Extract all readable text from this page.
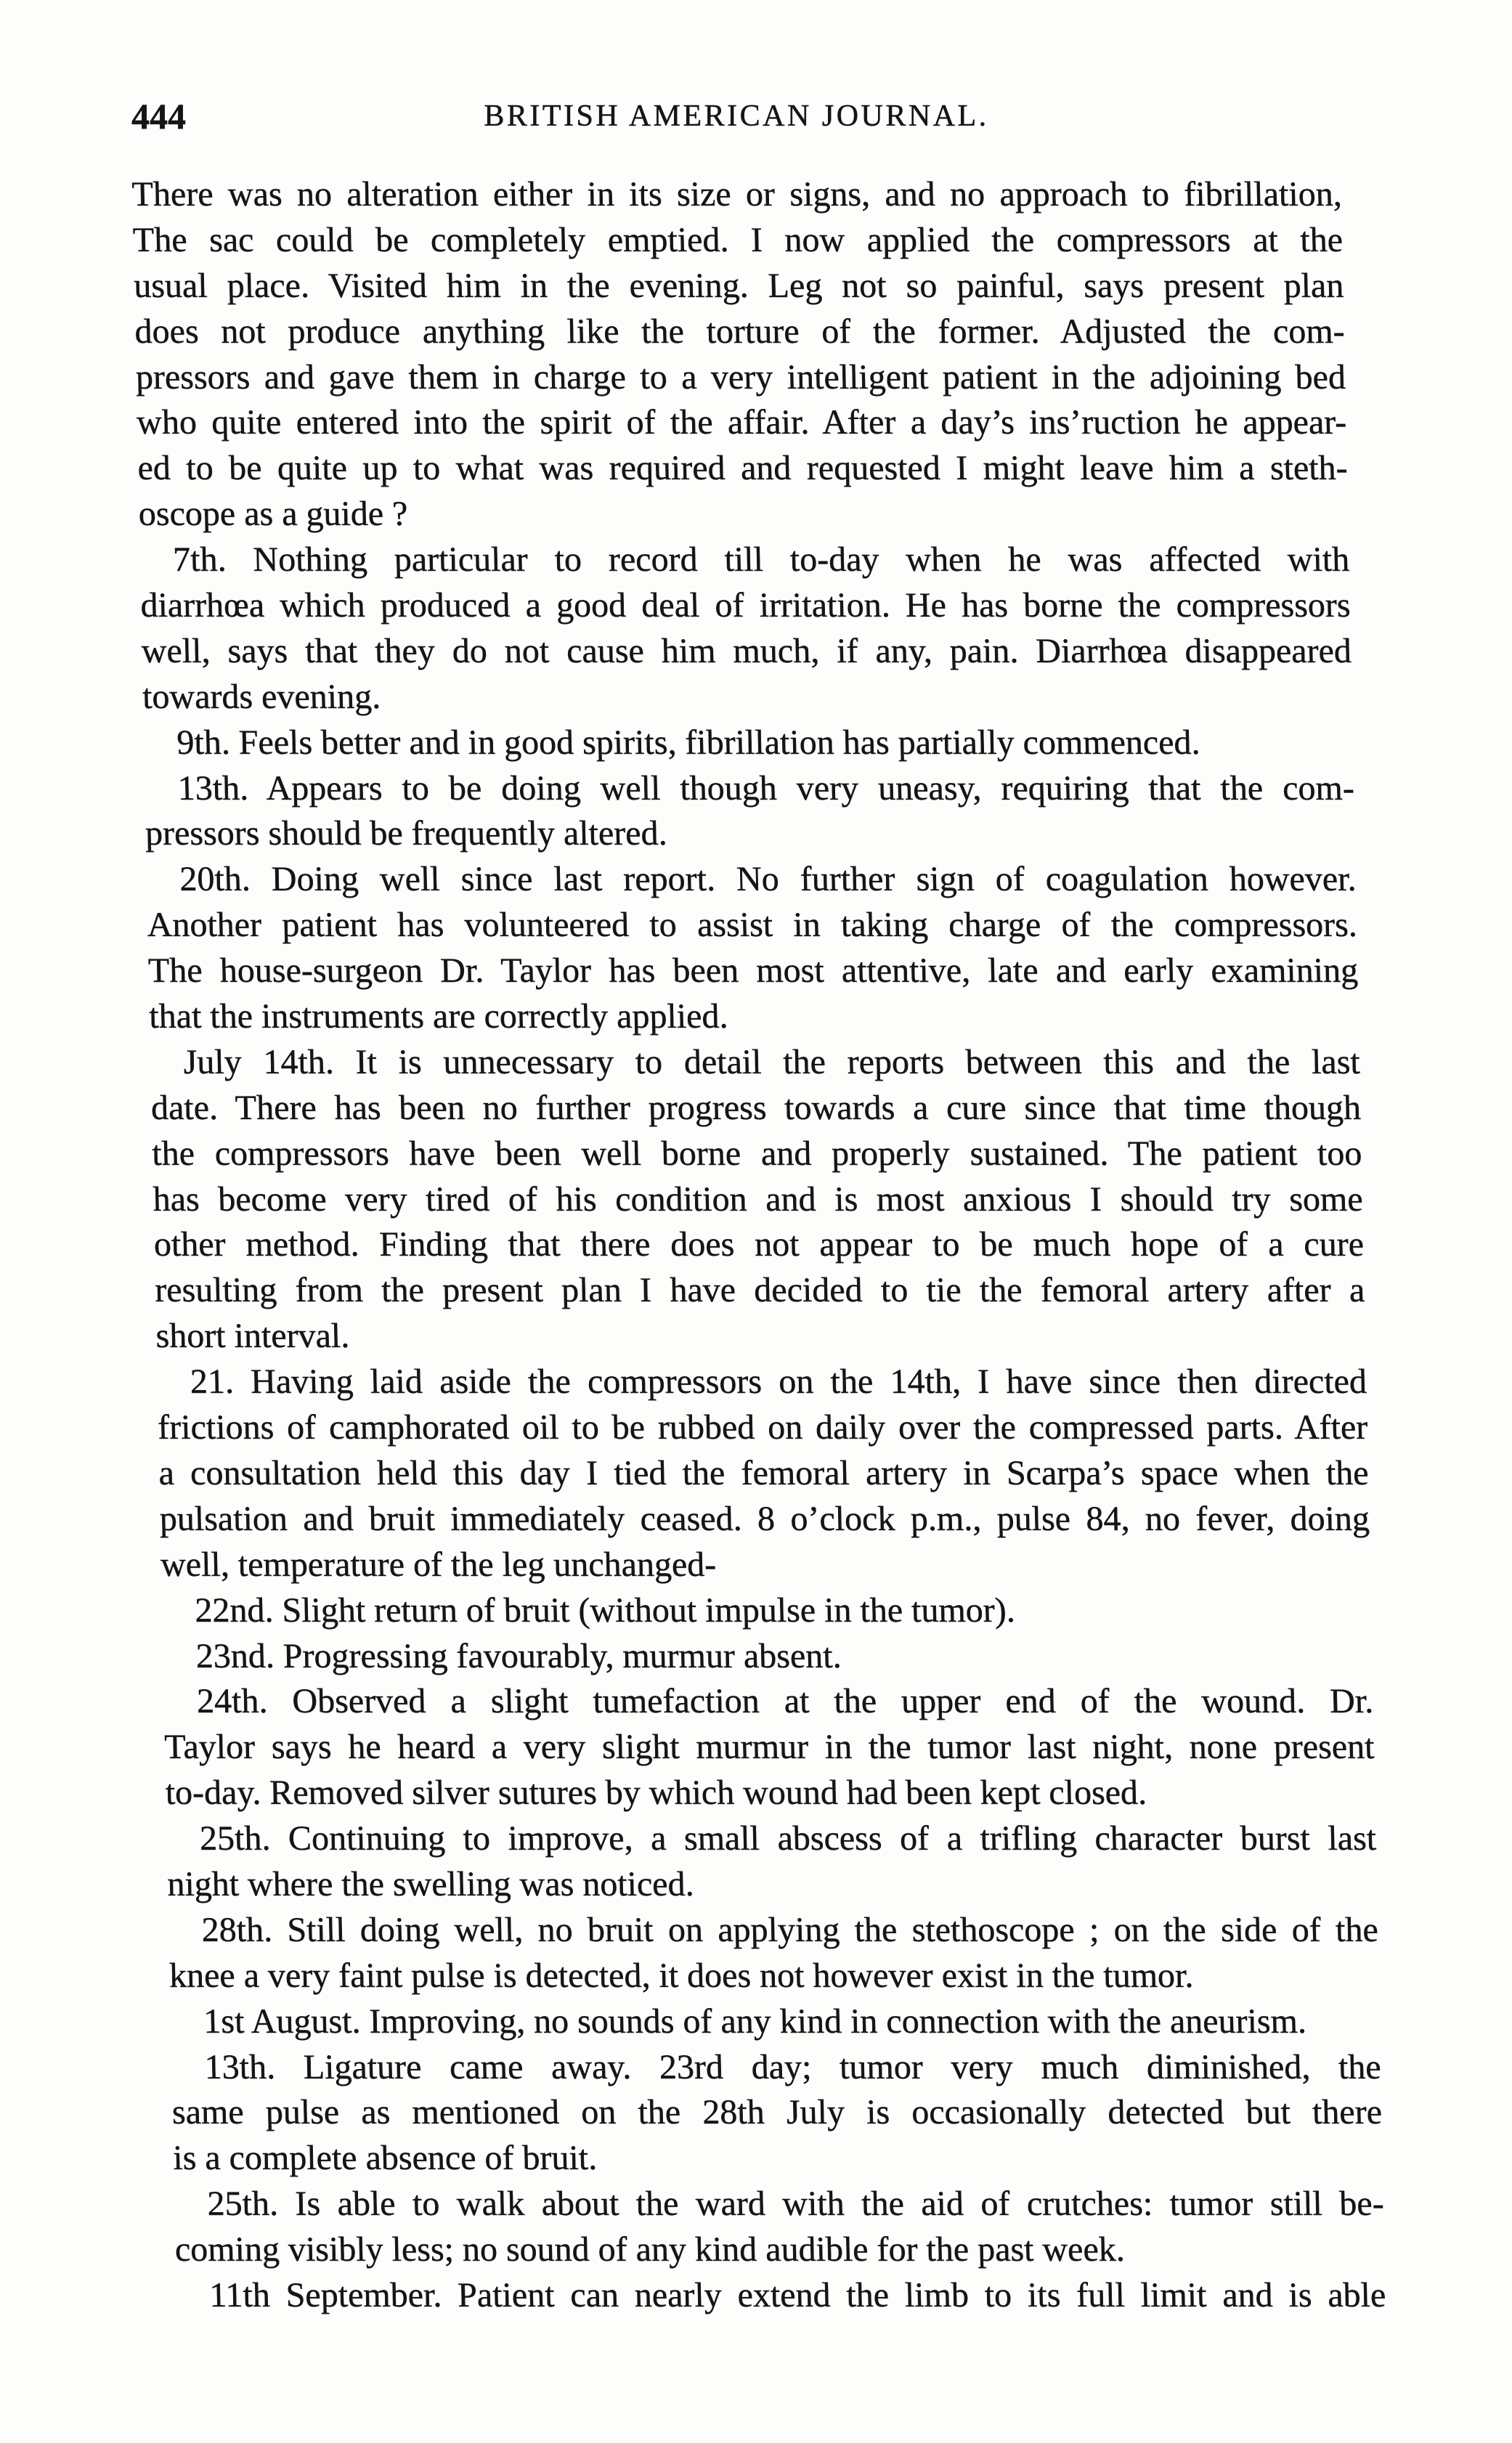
444	BRITISH AMERICAN JOURNAL.
There was no alteration either in its size or signs, and no approach to fibrillation,
The sac could be completely emptied. I now applied the compressors at the
usual place. Visited him in the evening. Leg not so painful, says present plan
does not produce anything like the torture of the former. Adjusted the com-
pressors and gave them in charge to a very intelligent patient in the adjoining bed
who quite entered into the spirit of the affair. After a day’s ins’ruction he appear-
ed to be quite up to what was required and requested I might leave him a steth-
oscope as a guide ?
7th. Nothing particular to record till to-day when he was affected with
diarrhœa which produced a good deal of irritation. He has borne the compressors
well, says that they do not cause him much, if any, pain. Diarrhœa disappeared
towards evening.
9th. Feels better and in good spirits, fibrillation has partially commenced.
13th. Appears to be doing well though very uneasy, requiring that the com-
pressors should be frequently altered.
20th. Doing well since last report. No further sign of coagulation however.
Another patient has volunteered to assist in taking charge of the compressors.
The house-surgeon Dr. Taylor has been most attentive, late and early examining
that the instruments are correctly applied.
July 14th. It is unnecessary to detail the reports between this and the last
date. There has been no further progress towards a cure since that time though
the compressors have been well borne and properly sustained. The patient too
has become very tired of his condition and is most anxious I should try some
other method. Finding that there does not appear to be much hope of a cure
resulting from the present plan I have decided to tie the femoral artery after a
short interval.
21. Having laid aside the compressors on the 14th, I have since then directed
frictions of camphorated oil to be rubbed on daily over the compressed parts. After
a consultation held this day I tied the femoral artery in Scarpa’s space when the
pulsation and bruit immediately ceased. 8 o’clock p.m., pulse 84, no fever, doing
well, temperature of the leg unchanged-
22nd. Slight return of bruit (without impulse in the tumor).
23nd. Progressing favourably, murmur absent.
24th. Observed a slight tumefaction at the upper end of the wound. Dr.
Taylor says he heard a very slight murmur in the tumor last night, none present
to-day. Removed silver sutures by which wound had been kept closed.
25th. Continuing to improve, a small abscess of a trifling character burst last
night where the swelling was noticed.
28th. Still doing well, no bruit on applying the stethoscope ; on the side of the
knee a very faint pulse is detected, it does not however exist in the tumor.
1st August. Improving, no sounds of any kind in connection with the aneurism.
13th. Ligature came away. 23rd day; tumor very much diminished, the
same pulse as mentioned on the 28th July is occasionally detected but there
is a complete absence of bruit.
25th. Is able to walk about the ward with the aid of crutches: tumor still be-
coming visibly less; no sound of any kind audible for the past week.
11th September. Patient can nearly extend the limb to its full limit and is able
